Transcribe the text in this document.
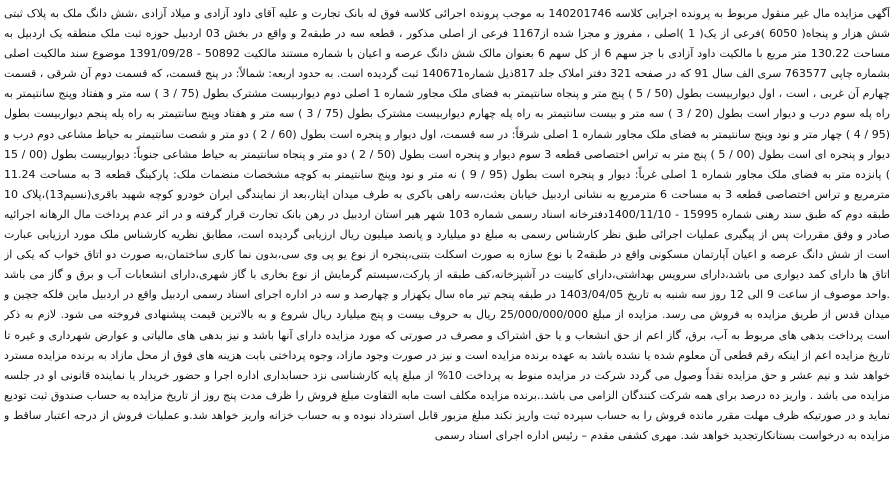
آگهی مزایده مال غیر منقول مربوط به پرونده اجرایی کلاسه 140201746 به موجب پرونده اجرائی کلاسه فوق له بانک تجارت و علیه آقای داود آزادی و میلاد آزادی ،شش دانگ ملک به پلاک ثبتی شش هزار و پنجاه( 6050 )فرعی از یک( 1 )اصلی ، مفروز و مجزا شده از1167 فرعی از اصلی مذکور ، قطعه سه در طبقه2 و واقع در بخش 03 اردبیل حوزه ثبت ملک منطقه یک اردبیل به مساحت 130.22 متر مربع با مالکیت داود آزادی با جز سهم 6 از کل سهم 6 بعنوان مالک شش دانگ عرصه و اعیان با شماره مستند مالکیت 50892 - 1391/09/28 موضوع سند مالکیت اصلی بشماره چاپی 763577 سری الف سال 91 که در صفحه 321 دفتر املاک جلد 817ذیل شماره140671 ثبت گردیده است. به حدود اربعه: شمالاً: در پنج قسمت، که قسمت دوم آن شرقی ، قسمت چهارم آن غربی ، است ، اول دیواربیست بطول (50 / 5 ) پنج متر و پنجاه سانتیمتر به فضای ملک مجاور شماره 1 اصلی دوم دیواربیست مشترک بطول (75 / 3 ) سه متر و هفتاد وپنج سانتیمتر به راه پله سوم درب و دیوار است بطول (20 / 3 ) سه متر و بیست سانتیمتر به راه پله چهارم دیواربیست مشترک بطول (75 / 3 ) سه متر و هفتاد وپنج سانتیمتر به راه پله پنجم دیواربیست بطول (95 / 4 ) چهار متر و نود وپنج سانتیمتر به فضای ملک مجاور شماره 1 اصلی شرقاً: در سه قسمت، اول دیوار و پنجره است بطول (60 / 2 ) دو متر و شصت سانتیمتر به حیاط مشاعی دوم درب و دیوار و پنجره ای است بطول (00 / 5 ) پنج متر به تراس اختصاصی قطعه 3 سوم دیوار و پنجره است بطول (50 / 2 ) دو متر و پنجاه سانتیمتر به حیاط مشاعی جنوباً: دیواربیست بطول (00 / 15 ) پانزده متر به فضای ملک مجاور شماره 1 اصلی غرباً: دیوار و پنجره است بطول (95 / 9 ) نه متر و نود وپنج سانتیمتر به کوچه مشخصات منضمات ملک: پارکینگ قطعه 3 به مساحت 11.24 مترمربع و تراس اختصاصی قطعه 3 به مساحت 6 مترمربع به نشانی اردبیل خیابان بعثت،سه راهی باکری به طرف میدان ایثار،بعد از نمایندگی ایران خودرو کوچه شهید باقری(نسیم13)،پلاک 10 طبقه دوم که طبق سند رهنی شماره 15995 - 1400/11/10دفترخانه اسناد رسمی شماره 103 شهر هیر استان اردبیل در رهن بانک تجارت قرار گرفته و در اثر عدم پرداخت مال الرهانه اجرائیه صادر و وفق مقررات پس از پیگیری عملیات اجرائی طبق نظر کارشناس رسمی به مبلغ دو میلیارد و پانصد میلیون ریال ارزیابی گردیده است، مطابق نظریه کارشناس ملک مورد ارزیابی عبارت است از شش دانگ عرصه و اعیان آپارتمان مسکونی واقع در طبقه2 با نوع سازه به صورت اسکلت بتنی،پنجره از نوع یو پی وی سی،بدون نما کاری ساختمان،به صورت دو اتاق خواب که یکی از اتاق ها دارای کمد دیواری می باشد،دارای سرویس بهداشتی،دارای کابینت در آشپزخانه،کف طبقه از پارکت،سیستم گرمایش از نوع بخاری با گاز شهری،دارای انشعابات آب و برق و گاز می باشد .واحد موصوف از ساعت 9 الی 12 روز سه شنبه به تاریخ 1403/04/05 در طبقه پنجم تیر ماه سال یکهزار و چهارصد و سه در اداره اجرای اسناد رسمی اردبیل واقع در اردبیل ماین فلکه جچین و میدان قدس از طریق مزایده به فروش می رسد. مزایده از مبلغ 25/000/000/000 ریال به حروف بیست و پنج میلیارد ریال شروع و به بالاترین قیمت پیشنهادی فروخته می شود. لازم به ذکر است پرداخت بدهی های مربوط به آب، برق، گاز اعم از حق انشعاب و یا حق اشتراک و مصرف در صورتی که مورد مزایده دارای آنها باشد و نیز بدهی های مالیاتی و عوارض شهرداری و غیره تا تاریخ مزایده اعم از اینکه رقم قطعی آن معلوم شده یا نشده باشد به عهده برنده مزایده است و نیز در صورت وجود مازاد، وجوه پرداختی بابت هزینه های فوق از محل مازاد به برنده مزایده مسترد خواهد شد و نیم عشر و حق مزایده نقداً وصول می گردد شرکت در مزایده منوط به پرداخت 10% از مبلغ پایه کارشناسی نزد حسابداری اداره اجرا و حضور خریدار یا نماینده قانونی او در جلسه مزایده می باشد . واریز ده درصد برای همه شرکت کنندگان الزامی می باشد..برنده مزایده مکلف است مابه التفاوت مبلغ فروش را ظرف مدت پنج روز از تاریخ مزایده به حساب صندوق ثبت تودیع نماید و در صورتیکه ظرف مهلت مقرر مانده فروش را به حساب سپرده ثبت واریز نکند مبلغ مزبور قابل استرداد نبوده و به حساب خزانه واریز خواهد شد.و عملیات فروش از درجه اعتبار ساقط و مزایده به درخواست بستانکارتجدید خواهد شد. مهری کشفی مقدم – رئیس اداره اجرای اسناد رسمی
